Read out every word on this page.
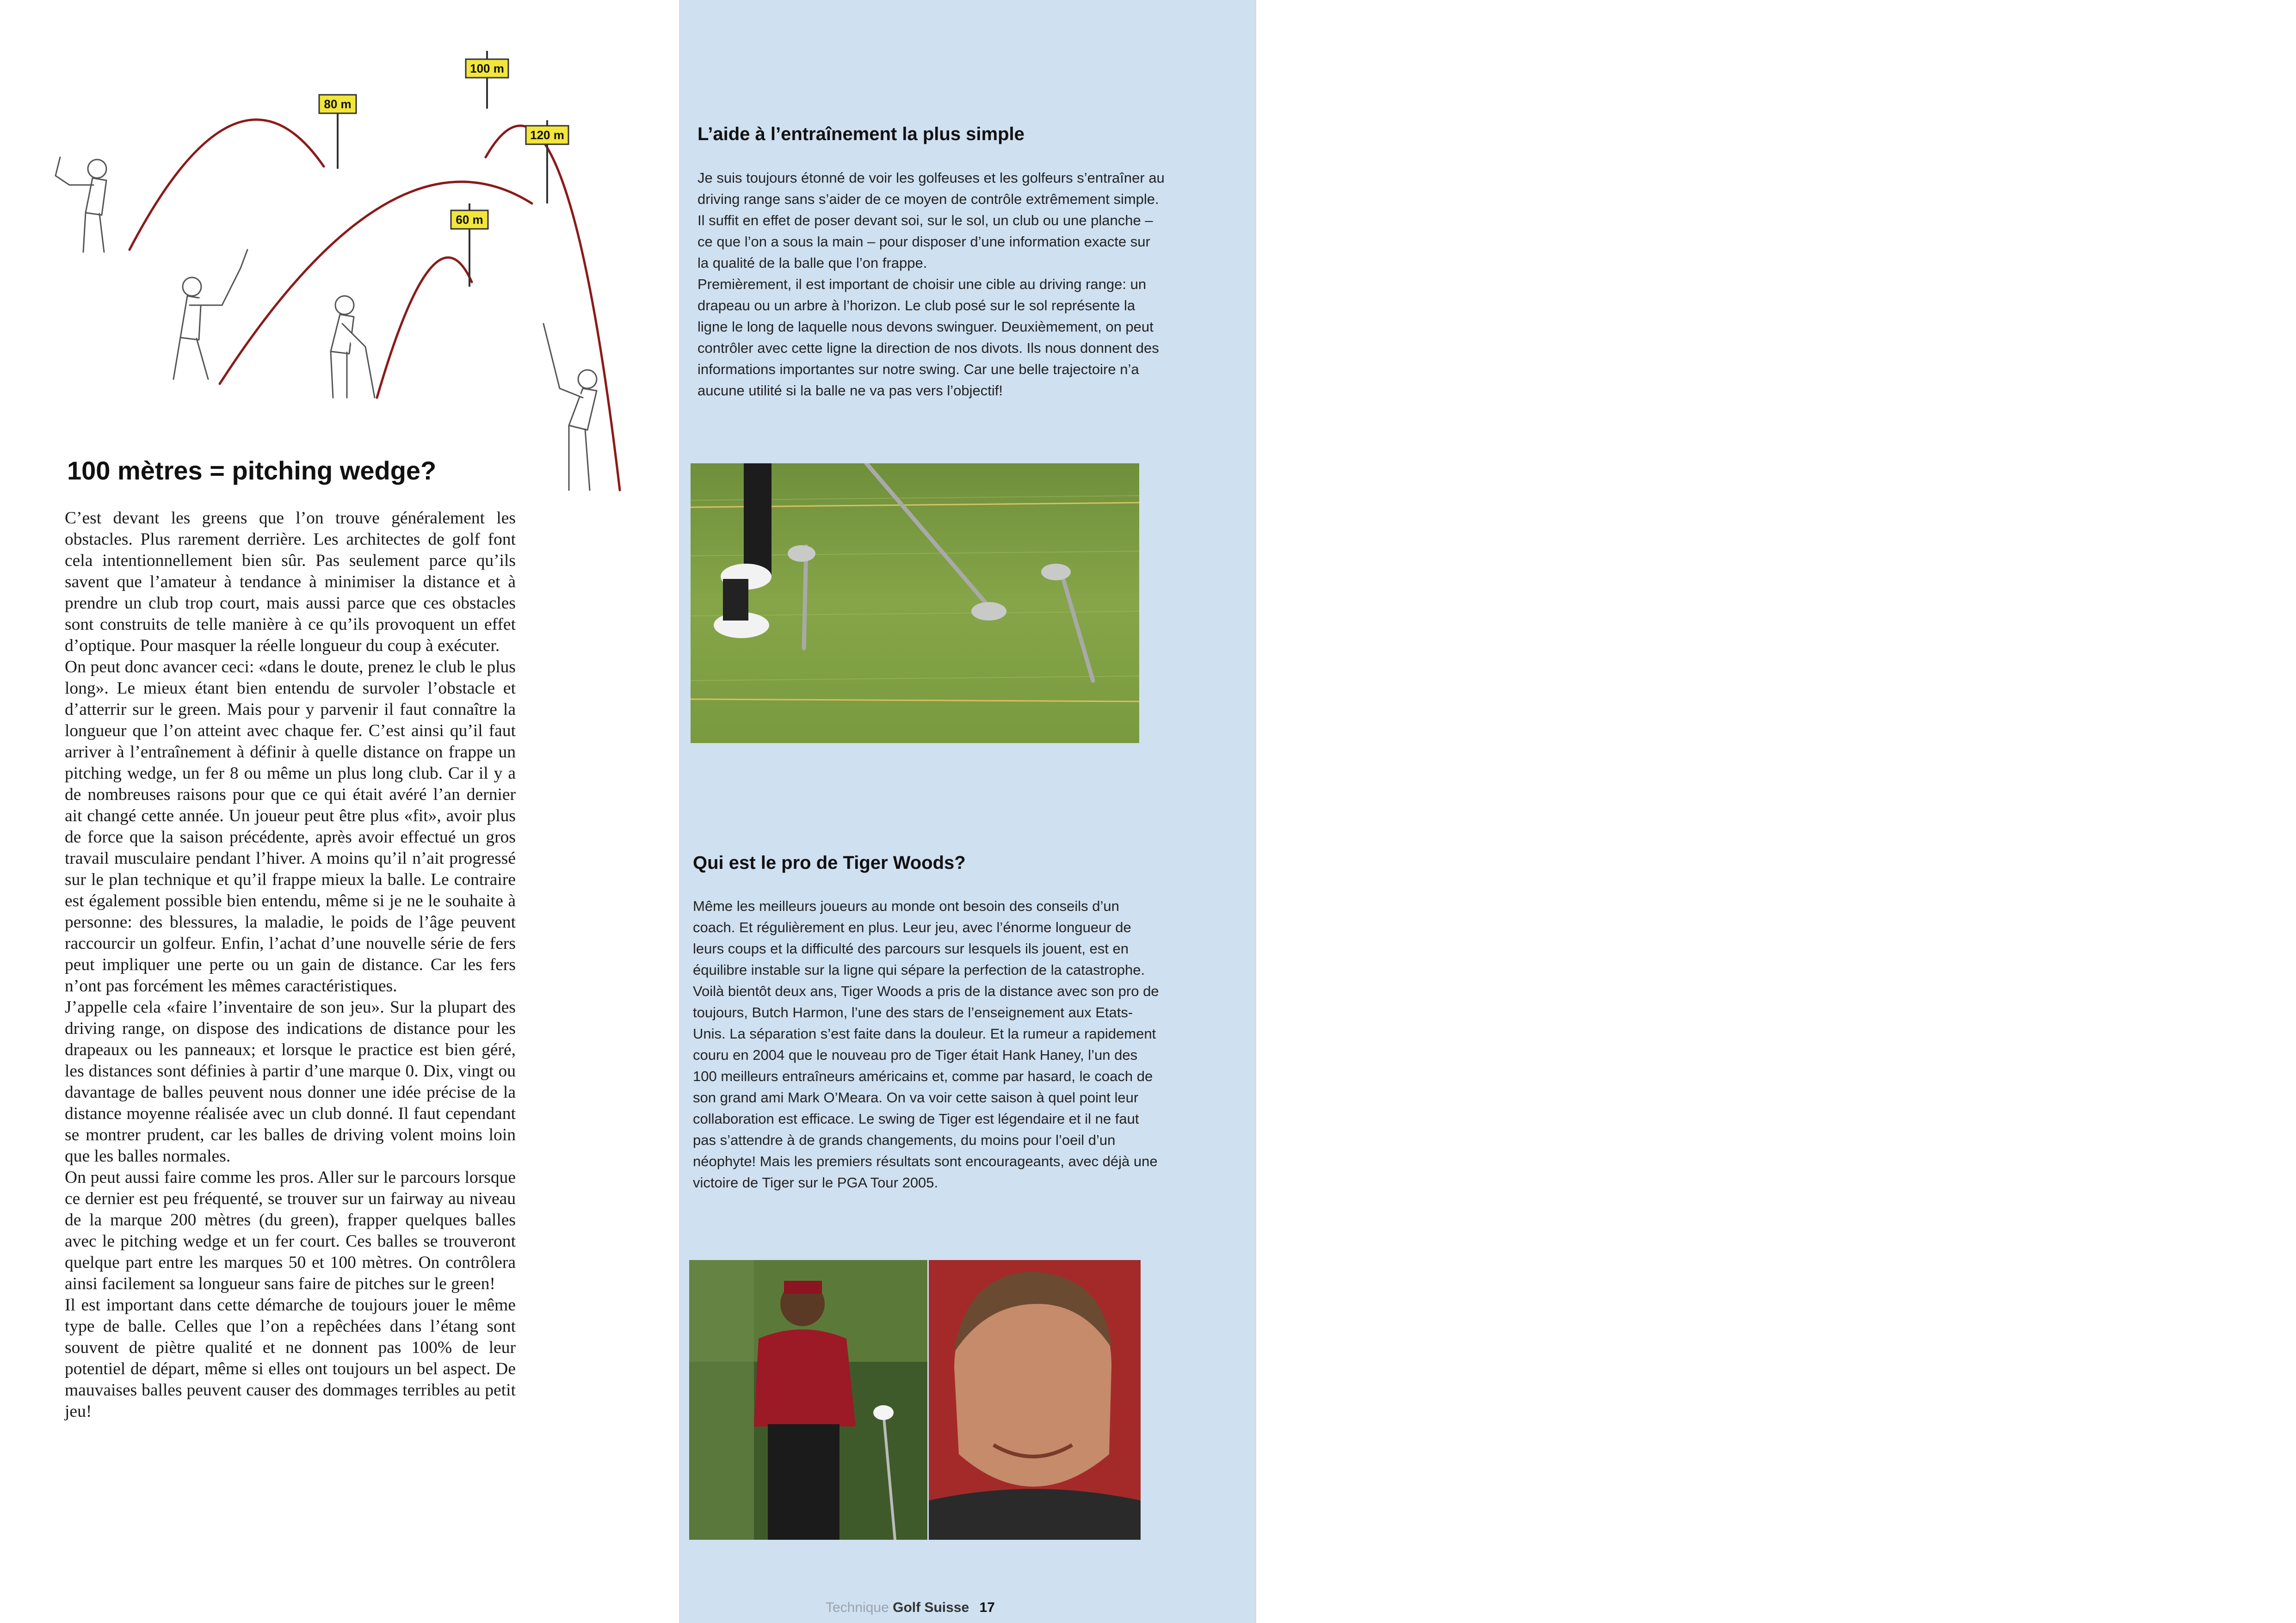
80 m
100 m
120 m
60 m
100 mètres = pitching wedge?

C’est devant les greens que l’on trouve généralement les obstacles. Plus rarement derrière. Les architectes de golf font cela intentionnellement bien sûr. Pas seulement parce qu’ils savent que l’amateur à tendance à minimiser la distance et à prendre un club trop court, mais aussi parce que ces obstacles sont construits de telle manière à ce qu’ils provoquent un effet d’optique. Pour masquer la réelle longueur du coup à exécuter.

On peut donc avancer ceci: «dans le doute, prenez le club le plus long». Le mieux étant bien entendu de survoler l’obstacle et d’atterrir sur le green. Mais pour y parvenir il faut connaître la longueur que l’on atteint avec chaque fer. C’est ainsi qu’il faut arriver à l’entraînement à définir à quelle distance on frappe un pitching wedge, un fer 8 ou même un plus long club. Car il y a de nombreuses raisons pour que ce qui était avéré l’an dernier ait changé cette année. Un joueur peut être plus «fit», avoir plus de force que la saison précédente, après avoir effectué un gros travail musculaire pendant l’hiver. A moins qu’il n’ait progressé sur le plan technique et qu’il frappe mieux la balle. Le contraire est également possible bien entendu, même si je ne le souhaite à personne: des blessures, la maladie, le poids de l’âge peuvent raccourcir un golfeur. Enfin, l’achat d’une nouvelle série de fers peut impliquer une perte ou un gain de distance. Car les fers n’ont pas forcément les mêmes caractéristiques.

J’appelle cela «faire l’inventaire de son jeu». Sur la plupart des driving range, on dispose des indications de distance pour les drapeaux ou les panneaux; et lorsque le practice est bien géré, les distances sont définies à partir d’une marque 0. Dix, vingt ou davantage de balles peuvent nous donner une idée précise de la distance moyenne réalisée avec un club donné. Il faut cependant se montrer prudent, car les balles de driving volent moins loin que les balles normales.

On peut aussi faire comme les pros. Aller sur le parcours lorsque ce dernier est peu fréquenté, se trouver sur un fairway au niveau de la marque 200 mètres (du green), frapper quelques balles avec le pitching wedge et un fer court. Ces balles se trouveront quelque part entre les marques 50 et 100 mètres. On contrôlera ainsi facilement sa longueur sans faire de pitches sur le green!

Il est important dans cette démarche de toujours jouer le même type de balle. Celles que l’on a repêchées dans l’étang sont souvent de piètre qualité et ne donnent pas 100% de leur potentiel de départ, même si elles ont toujours un bel aspect. De mauvaises balles peuvent causer des dommages terribles au petit jeu!

L’aide à l’entraînement la plus simple

Je suis toujours étonné de voir les golfeuses et les golfeurs s’entraîner au driving range sans s’aider de ce moyen de contrôle extrêmement simple. Il suffit en effet de poser devant soi, sur le sol, un club ou une planche – ce que l’on a sous la main – pour disposer d’une information exacte sur la qualité de la balle que l’on frappe.

Premièrement, il est important de choisir une cible au driving range: un drapeau ou un arbre à l’horizon. Le club posé sur le sol représente la ligne le long de laquelle nous devons swinguer. Deuxièmement, on peut contrôler avec cette ligne la direction de nos divots. Ils nous donnent des informations importantes sur notre swing. Car une belle trajectoire n’a aucune utilité si la balle ne va pas vers l’objectif!

Qui est le pro de Tiger Woods?

Même les meilleurs joueurs au monde ont besoin des conseils d’un coach. Et régulièrement en plus. Leur jeu, avec l’énorme longueur de leurs coups et la difficulté des parcours sur lesquels ils jouent, est en équilibre instable sur la ligne qui sépare la perfection de la catastrophe. Voilà bientôt deux ans, Tiger Woods a pris de la distance avec son pro de toujours, Butch Harmon, l’une des stars de l’enseignement aux Etats-Unis. La séparation s’est faite dans la douleur. Et la rumeur a rapidement couru en 2004 que le nouveau pro de Tiger était Hank Haney, l’un des 100 meilleurs entraîneurs américains et, comme par hasard, le coach de son grand ami Mark O’Meara. On va voir cette saison à quel point leur collaboration est efficace. Le swing de Tiger est légendaire et il ne faut pas s’attendre à de grands changements, du moins pour l’oeil d’un néophyte! Mais les premiers résultats sont encourageants, avec déjà une victoire de Tiger sur le PGA Tour 2005.

Technique Golf Suisse 17
